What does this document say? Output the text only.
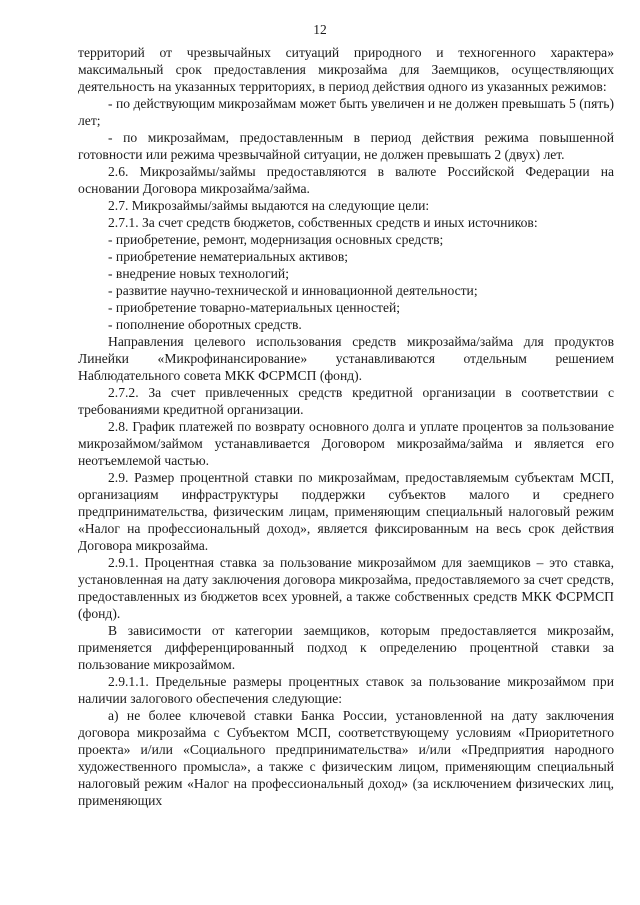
12

территорий от чрезвычайных ситуаций природного и техногенного характера» максимальный срок предоставления микрозайма для Заемщиков, осуществляющих деятельность на указанных территориях, в период действия одного из указанных режимов:

- по действующим микрозаймам может быть увеличен и не должен превышать 5 (пять) лет;

- по микрозаймам, предоставленным в период действия режима повышенной готовности или режима чрезвычайной ситуации, не должен превышать 2 (двух) лет.

2.6. Микрозаймы/займы предоставляются в валюте Российской Федерации на основании Договора микрозайма/займа.

2.7. Микрозаймы/займы выдаются на следующие цели:

2.7.1. За счет средств бюджетов, собственных средств и иных источников:

- приобретение, ремонт, модернизация основных средств;

- приобретение нематериальных активов;

- внедрение новых технологий;

- развитие научно-технической и инновационной деятельности;

- приобретение товарно-материальных ценностей;

- пополнение оборотных средств.

Направления целевого использования средств микрозайма/займа для продуктов Линейки «Микрофинансирование» устанавливаются отдельным решением Наблюдательного совета МКК ФСРМСП (фонд).

2.7.2. За счет привлеченных средств кредитной организации в соответствии с требованиями кредитной организации.

2.8. График платежей по возврату основного долга и уплате процентов за пользование микрозаймом/займом устанавливается Договором микрозайма/займа и является его неотъемлемой частью.

2.9. Размер процентной ставки по микрозаймам, предоставляемым субъектам МСП, организациям инфраструктуры поддержки субъектов малого и среднего предпринимательства, физическим лицам, применяющим специальный налоговый режим «Налог на профессиональный доход», является фиксированным на весь срок действия Договора микрозайма.

2.9.1. Процентная ставка за пользование микрозаймом для заемщиков – это ставка, установленная на дату заключения договора микрозайма, предоставляемого за счет средств, предоставленных из бюджетов всех уровней, а также собственных средств МКК ФСРМСП (фонд).

В зависимости от категории заемщиков, которым предоставляется микрозайм, применяется дифференцированный подход к определению процентной ставки за пользование микрозаймом.

2.9.1.1. Предельные размеры процентных ставок за пользование микрозаймом при наличии залогового обеспечения следующие:

а) не более ключевой ставки Банка России, установленной на дату заключения договора микрозайма с Субъектом МСП, соответствующему условиям «Приоритетного проекта» и/или «Социального предпринимательства» и/или «Предприятия народного художественного промысла», а также с физическим лицом, применяющим специальный налоговый режим «Налог на профессиональный доход» (за исключением физических лиц, применяющих
